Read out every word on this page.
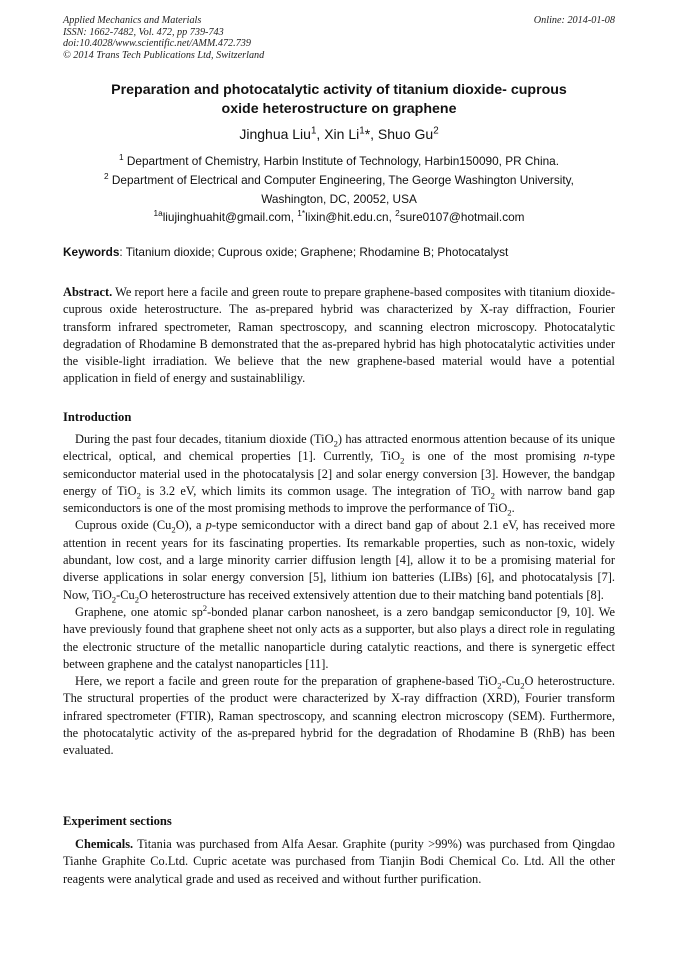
Applied Mechanics and Materials
ISSN: 1662-7482, Vol. 472, pp 739-743
doi:10.4028/www.scientific.net/AMM.472.739
© 2014 Trans Tech Publications Ltd, Switzerland
Online: 2014-01-08
Preparation and photocatalytic activity of titanium dioxide- cuprous
oxide heterostructure on graphene
Jinghua Liu$^1$, Xin Li$^1$*, Shuo Gu$^2$
$^1$ Department of Chemistry, Harbin Institute of Technology, Harbin150090, PR China.
$^2$ Department of Electrical and Computer Engineering, The George Washington University,
Washington, DC, 20052, USA
$^{1a}$liujinghuahit@gmail.com, $^{1*}$lixin@hit.edu.cn, $^2$sure0107@hotmail.com
Keywords: Titanium dioxide; Cuprous oxide; Graphene; Rhodamine B; Photocatalyst

Abstract. We report here a facile and green route to prepare graphene-based composites with titanium dioxide-cuprous oxide heterostructure. The as-prepared hybrid was characterized by X-ray diffraction, Fourier transform infrared spectrometer, Raman spectroscopy, and scanning electron microscopy. Photocatalytic degradation of Rhodamine B demonstrated that the as-prepared hybrid has high photocatalytic activities under the visible-light irradiation. We believe that the new graphene-based material would have a potential application in field of energy and sustainabliligy.

Introduction

During the past four decades, titanium dioxide (TiO$_2$) has attracted enormous attention because of its unique electrical, optical, and chemical properties [1]. Currently, TiO$_2$ is one of the most promising n-type semiconductor material used in the photocatalysis [2] and solar energy conversion [3]. However, the bandgap energy of TiO$_2$ is 3.2 eV, which limits its common usage. The integration of TiO$_2$ with narrow band gap semiconductors is one of the most promising methods to improve the performance of TiO$_2$.

Cuprous oxide $(Cu_2O)$, a p-type semiconductor with a direct band gap of about 2.1 eV, has received more attention in recent years for its fascinating properties. Its remarkable properties, such as non-toxic, widely abundant, low cost, and a large minority carrier diffusion length [4], allow it to be a promising material for diverse applications in solar energy conversion [5], lithium ion batteries (LIBs) [6], and photocatalysis [7]. Now, $TiO_2-Cu_2O$ heterostructure has received extensively attention due to their matching band potentials [8].

Graphene, one atomic $sp^2$-bonded planar carbon nanosheet, is a zero bandgap semiconductor [9, 10]. We have previously found that graphene sheet not only acts as a supporter, but also plays a direct role in regulating the electronic structure of the metallic nanoparticle during catalytic reactions, and there is synergetic effect between graphene and the catalyst nanoparticles [11].

Here, we report a facile and green route for the preparation of graphene-based $TiO_2-Cu_2O$ heterostructure. The structural properties of the product were characterized by X-ray diffraction (XRD), Fourier transform infrared spectrometer (FTIR), Raman spectroscopy, and scanning electron microscopy (SEM). Furthermore, the photocatalytic activity of the as-prepared hybrid for the degradation of Rhodamine B (RhB) has been evaluated.

Experiment sections

Chemicals. Titania was purchased from Alfa Aesar. Graphite (purity >99%) was purchased from Qingdao Tianhe Graphite Co.Ltd. Cupric acetate was purchased from Tianjin Bodi Chemical Co. Ltd. All the other reagents were analytical grade and used as received and without further purification.
